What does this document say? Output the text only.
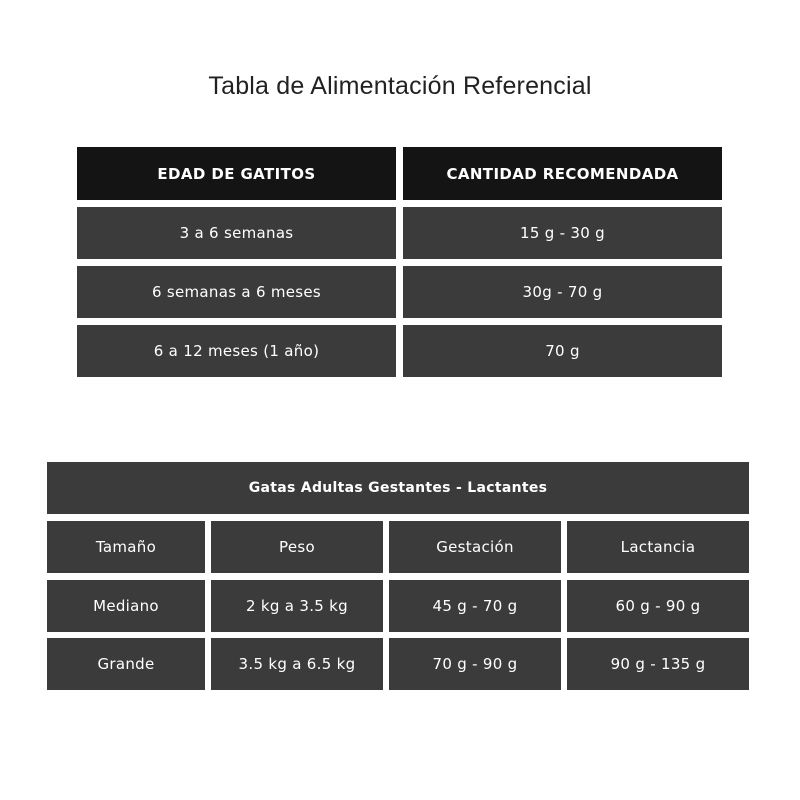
Tabla de Alimentación Referencial
EDAD DE GATITOS	CANTIDAD RECOMENDADA
3 a 6 semanas	15 g - 30 g
6 semanas a 6 meses	30g - 70 g
6 a 12 meses (1 año)	70 g
Gatas Adultas Gestantes - Lactantes
Tamaño	Peso	Gestación	Lactancia
Mediano	2 kg a 3.5 kg	45 g - 70 g	60 g - 90 g
Grande	3.5 kg a 6.5 kg	70 g - 90 g	90 g - 135 g
